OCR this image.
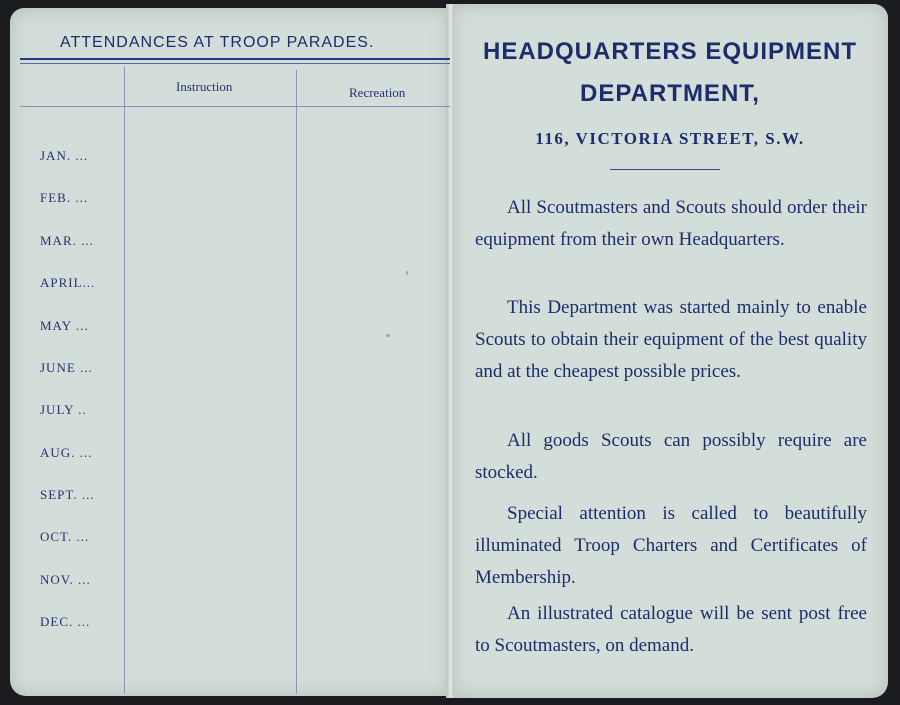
ATTENDANCES AT TROOP PARADES.
Instruction	Recreation
JAN. ...
FEB. ...
MAR. ...
APRIL...
MAY ...
JUNE ...
JULY ..
AUG. ...
SEPT. ...
OCT. ...
NOV. ...
DEC. ...
HEADQUARTERS EQUIPMENT
DEPARTMENT,
116, VICTORIA STREET, S.W.

All Scoutmasters and Scouts should order their equipment from their own Headquarters.

This Department was started mainly to enable Scouts to obtain their equipment of the best quality and at the cheapest possible prices.

All goods Scouts can possibly require are stocked.

Special attention is called to beautifully illuminated Troop Charters and Certificates of Membership.

An illustrated catalogue will be sent post free to Scoutmasters, on demand.
